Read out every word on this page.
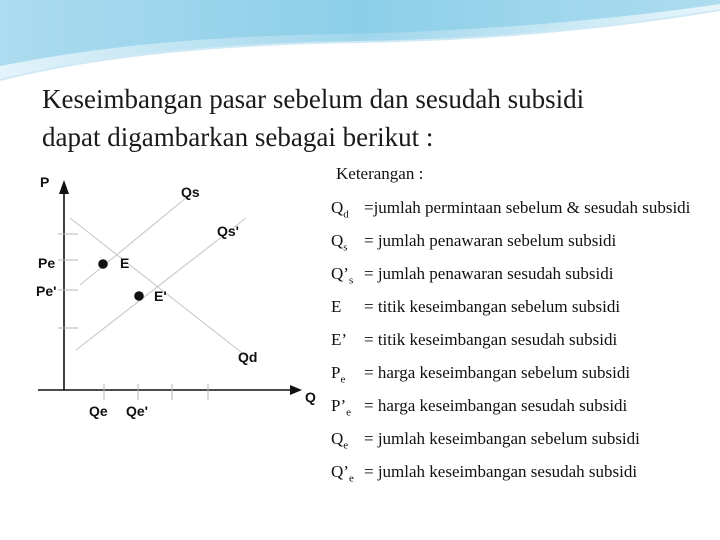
Keseimbangan pasar sebelum dan sesudah subsidi
dapat digambarkan sebagai berikut :
P
Q
Qs
Qs'
Qd
E
E'
Pe
Pe'
Qe Qe'
Keterangan :
$Q_d$ =jumlah permintaan sebelum & sesudah subsidi
$Q_s$ = jumlah penawaran sebelum subsidi
$Q’_s$ = jumlah penawaran sesudah subsidi
E = titik keseimbangan sebelum subsidi
E’ = titik keseimbangan sesudah subsidi
$P_e$ = harga keseimbangan sebelum subsidi
$P’_e$ = harga keseimbangan sesudah subsidi
$Q_e$ = jumlah keseimbangan sebelum subsidi
$Q’_e$ = jumlah keseimbangan sesudah subsidi
